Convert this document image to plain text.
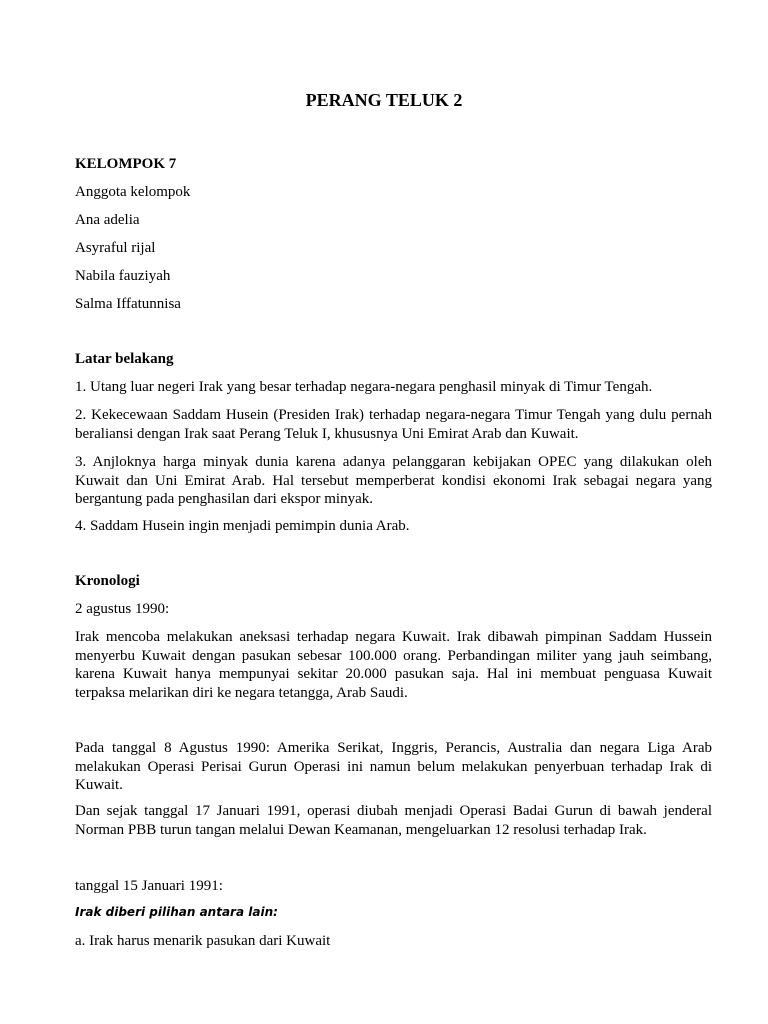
PERANG TELUK 2

KELOMPOK 7

Anggota kelompok

Ana adelia

Asyraful rijal

Nabila fauziyah

Salma Iffatunnisa

Latar belakang

1. Utang luar negeri Irak yang besar terhadap negara-negara penghasil minyak di Timur Tengah.

2. Kekecewaan Saddam Husein (Presiden Irak) terhadap negara-negara Timur Tengah yang dulu pernah beraliansi dengan Irak saat Perang Teluk I, khususnya Uni Emirat Arab dan Kuwait.

3. Anjloknya harga minyak dunia karena adanya pelanggaran kebijakan OPEC yang dilakukan oleh Kuwait dan Uni Emirat Arab. Hal tersebut memperberat kondisi ekonomi Irak sebagai negara yang bergantung pada penghasilan dari ekspor minyak.

4. Saddam Husein ingin menjadi pemimpin dunia Arab.

Kronologi

2 agustus 1990:

Irak mencoba melakukan aneksasi terhadap negara Kuwait. Irak dibawah pimpinan Saddam Hussein menyerbu Kuwait dengan pasukan sebesar 100.000 orang. Perbandingan militer yang jauh seimbang, karena Kuwait hanya mempunyai sekitar 20.000 pasukan saja. Hal ini membuat penguasa Kuwait terpaksa melarikan diri ke negara tetangga, Arab Saudi.

Pada tanggal 8 Agustus 1990: Amerika Serikat, Inggris, Perancis, Australia dan negara Liga Arab melakukan Operasi Perisai Gurun Operasi ini namun belum melakukan penyerbuan terhadap Irak di Kuwait.

Dan sejak tanggal 17 Januari 1991, operasi diubah menjadi Operasi Badai Gurun di bawah jenderal Norman PBB turun tangan melalui Dewan Keamanan, mengeluarkan 12 resolusi terhadap Irak.

tanggal 15 Januari 1991:

Irak diberi pilihan antara lain:

a. Irak harus menarik pasukan dari Kuwait
